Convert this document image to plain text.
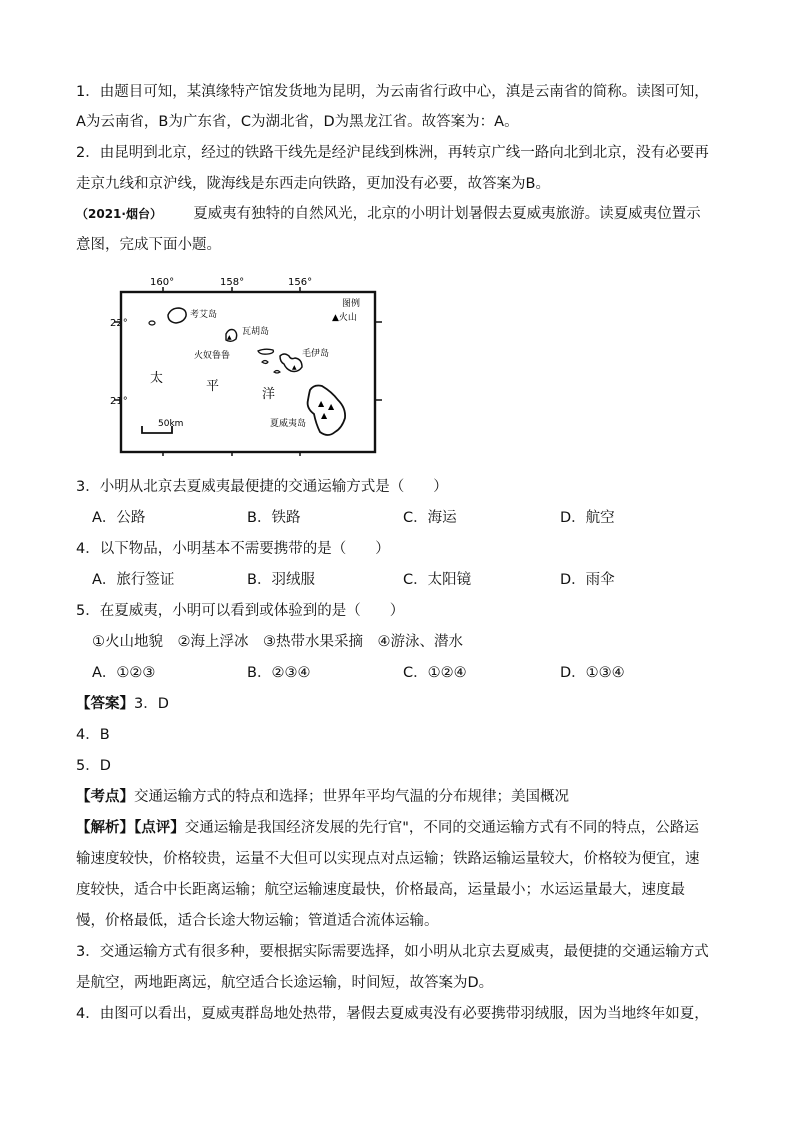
1．由题目可知，某滇缘特产馆发货地为昆明，为云南省行政中心，滇是云南省的简称。读图可知，
A为云南省，B为广东省，C为湖北省，D为黑龙江省。故答案为：A。
2．由昆明到北京，经过的铁路干线先是经沪昆线到株洲，再转京广线一路向北到北京，没有必要再
走京九线和京沪线，陇海线是东西走向铁路，更加没有必要，故答案为B。
（2021·烟台） 夏威夷有独特的自然风光，北京的小明计划暑假去夏威夷旅游。读夏威夷位置示
意图，完成下面小题。
160°	158°	156°
22°
21°
图例
▲火山
考艾岛
▲
瓦胡岛
火奴鲁鲁
▲
毛伊岛
▲ ▲
▲
夏威夷岛
太
平
洋
50km
3．小明从北京去夏威夷最便捷的交通运输方式是（　　）
A．公路	B．铁路	C．海运	D．航空
4．以下物品，小明基本不需要携带的是（　　）
A．旅行签证	B．羽绒服	C．太阳镜	D．雨伞
5．在夏威夷，小明可以看到或体验到的是（　　）
①火山地貌　②海上浮冰　③热带水果采摘　④游泳、潜水
A．①②③	B．②③④	C．①②④	D．①③④
【答案】3．D
4．B
5．D
【考点】交通运输方式的特点和选择；世界年平均气温的分布规律；美国概况
【解析】【点评】交通运输是我国经济发展的先行官"，不同的交通运输方式有不同的特点，公路运
输速度较快，价格较贵，运量不大但可以实现点对点运输；铁路运输运量较大，价格较为便宜，速
度较快，适合中长距离运输；航空运输速度最快，价格最高，运量最小；水运运量最大，速度最
慢，价格最低，适合长途大物运输；管道适合流体运输。
3．交通运输方式有很多种，要根据实际需要选择，如小明从北京去夏威夷，最便捷的交通运输方式
是航空，两地距离远，航空适合长途运输，时间短，故答案为D。
4．由图可以看出，夏威夷群岛地处热带，暑假去夏威夷没有必要携带羽绒服，因为当地终年如夏，
